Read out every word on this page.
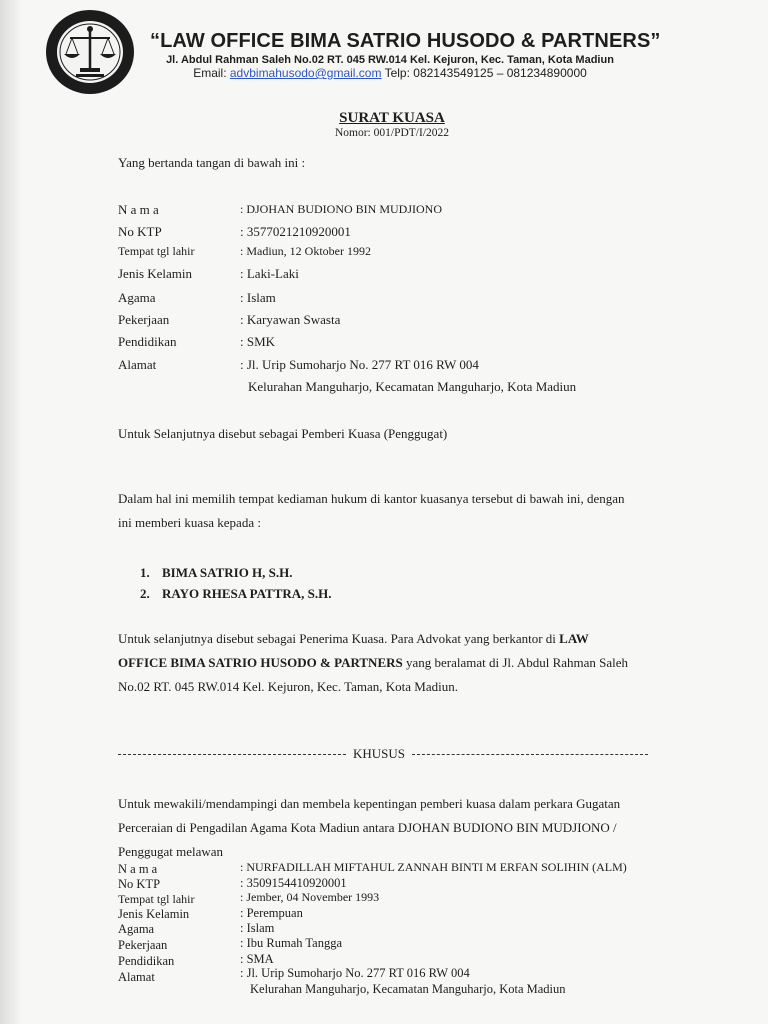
“LAW OFFICE BIMA SATRIO HUSODO & PARTNERS”
Jl. Abdul Rahman Saleh No.02 RT. 045 RW.014 Kel. Kejuron, Kec. Taman, Kota Madiun
Email: advbimahusodo@gmail.com Telp: 082143549125 – 081234890000
SURAT KUASA
Nomor: 001/PDT/I/2022
Yang bertanda tangan di bawah ini :
N a m a	: DJOHAN BUDIONO BIN MUDJIONO
No KTP	: 3577021210920001
Tempat tgl lahir	: Madiun, 12 Oktober 1992
Jenis Kelamin	: Laki-Laki
Agama	: Islam
Pekerjaan	: Karyawan Swasta
Pendidikan	: SMK
Alamat	: Jl. Urip Sumoharjo No. 277 RT 016 RW 004
Kelurahan Manguharjo, Kecamatan Manguharjo, Kota Madiun
Untuk Selanjutnya disebut sebagai Pemberi Kuasa (Penggugat)
Dalam hal ini memilih tempat kediaman hukum di kantor kuasanya tersebut di bawah ini, dengan
ini memberi kuasa kepada :
1. BIMA SATRIO H, S.H.
2. RAYO RHESA PATTRA, S.H.
Untuk selanjutnya disebut sebagai Penerima Kuasa. Para Advokat yang berkantor di LAW
OFFICE BIMA SATRIO HUSODO & PARTNERS yang beralamat di Jl. Abdul Rahman Saleh
No.02 RT. 045 RW.014 Kel. Kejuron, Kec. Taman, Kota Madiun.
KHUSUS
Untuk mewakili/mendampingi dan membela kepentingan pemberi kuasa dalam perkara Gugatan
Perceraian di Pengadilan Agama Kota Madiun antara DJOHAN BUDIONO BIN MUDJIONO /
Penggugat melawan
N a m a	: NURFADILLAH MIFTAHUL ZANNAH BINTI M ERFAN SOLIHIN (ALM)
No KTP	: 3509154410920001
Tempat tgl lahir	: Jember, 04 November 1993
Jenis Kelamin	: Perempuan
Agama	: Islam
Pekerjaan	: Ibu Rumah Tangga
Pendidikan	: SMA
Alamat	: Jl. Urip Sumoharjo No. 277 RT 016 RW 004
Kelurahan Manguharjo, Kecamatan Manguharjo, Kota Madiun
